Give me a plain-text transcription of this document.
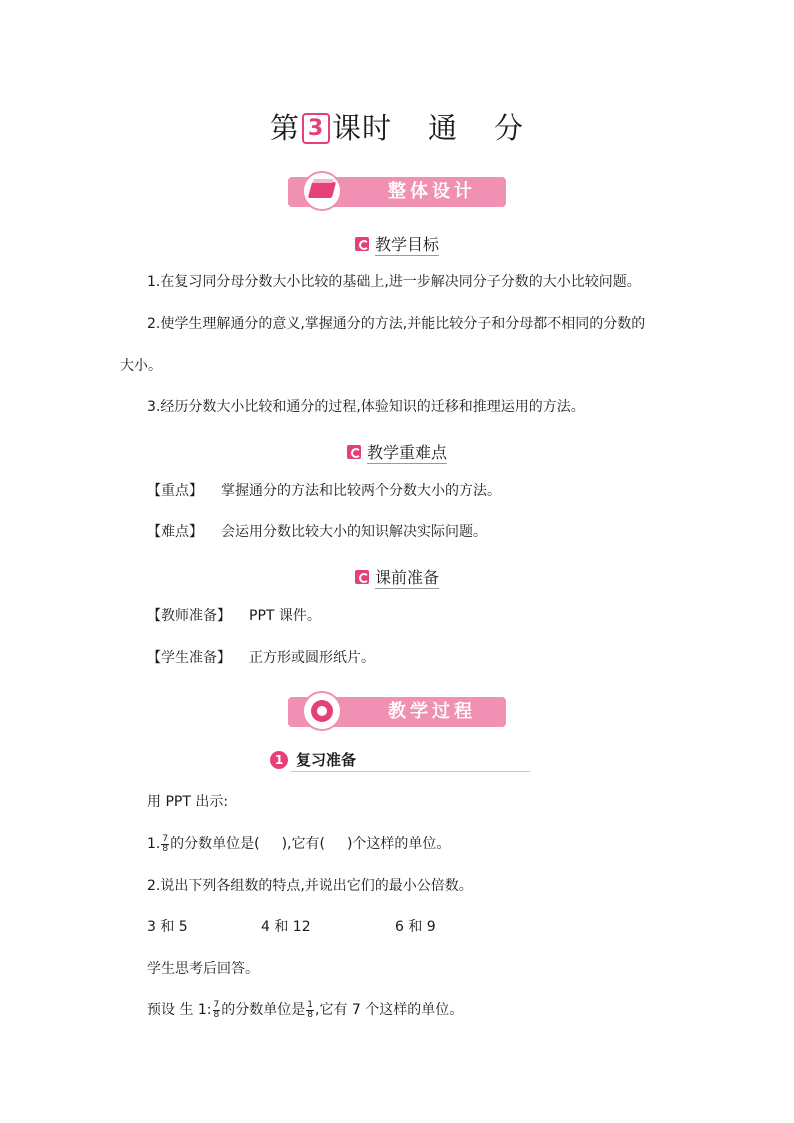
第 3 课时 通 分
整体设计
教学目标
1.在复习同分母分数大小比较的基础上,进一步解决同分子分数的大小比较问题。
2.使学生理解通分的意义,掌握通分的方法,并能比较分子和分母都不相同的分数的
大小。
3.经历分数大小比较和通分的过程,体验知识的迁移和推理运用的方法。
教学重难点
【重点】 掌握通分的方法和比较两个分数大小的方法。
【难点】 会运用分数比较大小的知识解决实际问题。
课前准备
【教师准备】 PPT 课件。
【学生准备】 正方形或圆形纸片。
教学过程
1 复习准备
用 PPT 出示:
1. $\frac{7}{8}$ 的分数单位是( ),它有( )个这样的单位。
2.说出下列各组数的特点,并说出它们的最小公倍数。
3 和 5	4 和 12	6 和 9
学生思考后回答。
预设 生 1: $\frac{7}{8}$ 的分数单位是 $\frac{1}{8}$ ,它有 7 个这样的单位。
